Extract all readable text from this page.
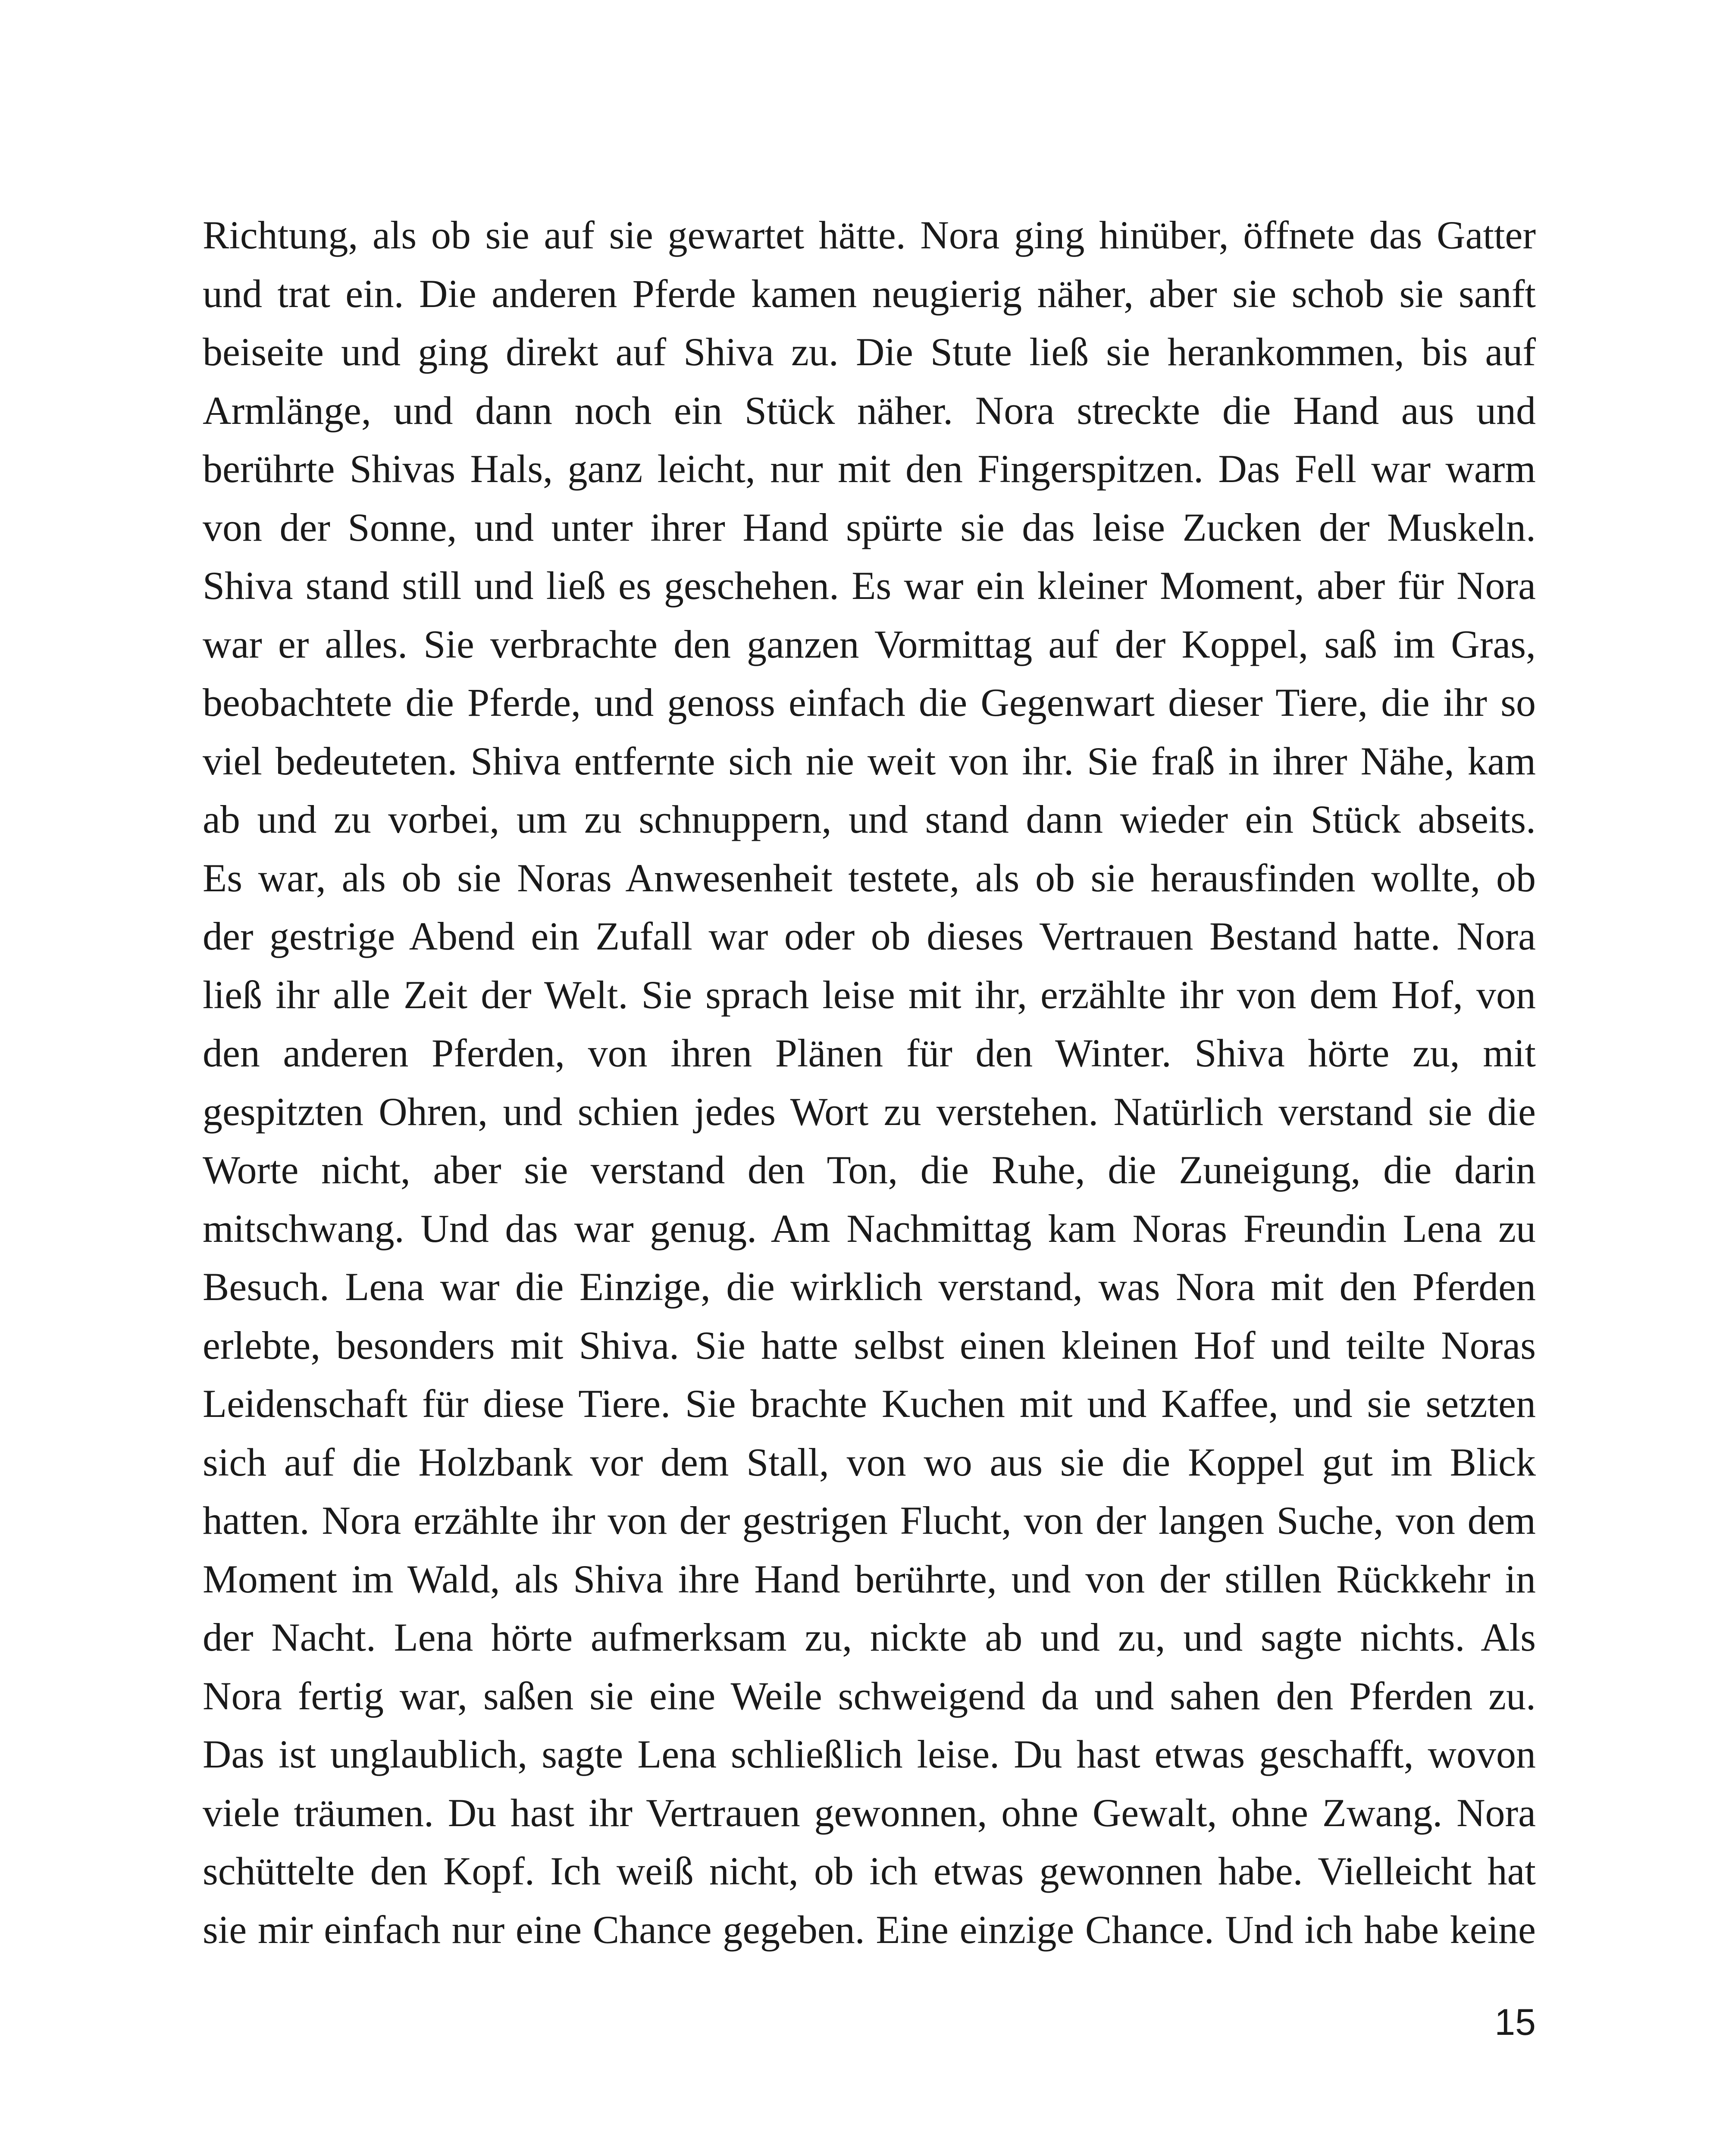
Richtung, als ob sie auf sie gewartet hätte. Nora ging hinüber, öffnete das Gatter
und trat ein. Die anderen Pferde kamen neugierig näher, aber sie schob sie sanft
beiseite und ging direkt auf Shiva zu. Die Stute ließ sie herankommen, bis auf
Armlänge, und dann noch ein Stück näher. Nora streckte die Hand aus und
berührte Shivas Hals, ganz leicht, nur mit den Fingerspitzen. Das Fell war warm
von der Sonne, und unter ihrer Hand spürte sie das leise Zucken der Muskeln.
Shiva stand still und ließ es geschehen. Es war ein kleiner Moment, aber für Nora
war er alles. Sie verbrachte den ganzen Vormittag auf der Koppel, saß im Gras,
beobachtete die Pferde, und genoss einfach die Gegenwart dieser Tiere, die ihr so
viel bedeuteten. Shiva entfernte sich nie weit von ihr. Sie fraß in ihrer Nähe, kam
ab und zu vorbei, um zu schnuppern, und stand dann wieder ein Stück abseits.
Es war, als ob sie Noras Anwesenheit testete, als ob sie herausfinden wollte, ob
der gestrige Abend ein Zufall war oder ob dieses Vertrauen Bestand hatte. Nora
ließ ihr alle Zeit der Welt. Sie sprach leise mit ihr, erzählte ihr von dem Hof, von
den anderen Pferden, von ihren Plänen für den Winter. Shiva hörte zu, mit
gespitzten Ohren, und schien jedes Wort zu verstehen. Natürlich verstand sie die
Worte nicht, aber sie verstand den Ton, die Ruhe, die Zuneigung, die darin
mitschwang. Und das war genug. Am Nachmittag kam Noras Freundin Lena zu
Besuch. Lena war die Einzige, die wirklich verstand, was Nora mit den Pferden
erlebte, besonders mit Shiva. Sie hatte selbst einen kleinen Hof und teilte Noras
Leidenschaft für diese Tiere. Sie brachte Kuchen mit und Kaffee, und sie setzten
sich auf die Holzbank vor dem Stall, von wo aus sie die Koppel gut im Blick
hatten. Nora erzählte ihr von der gestrigen Flucht, von der langen Suche, von dem
Moment im Wald, als Shiva ihre Hand berührte, und von der stillen Rückkehr in
der Nacht. Lena hörte aufmerksam zu, nickte ab und zu, und sagte nichts. Als
Nora fertig war, saßen sie eine Weile schweigend da und sahen den Pferden zu.
Das ist unglaublich, sagte Lena schließlich leise. Du hast etwas geschafft, wovon
viele träumen. Du hast ihr Vertrauen gewonnen, ohne Gewalt, ohne Zwang. Nora
schüttelte den Kopf. Ich weiß nicht, ob ich etwas gewonnen habe. Vielleicht hat
sie mir einfach nur eine Chance gegeben. Eine einzige Chance. Und ich habe keine
15
